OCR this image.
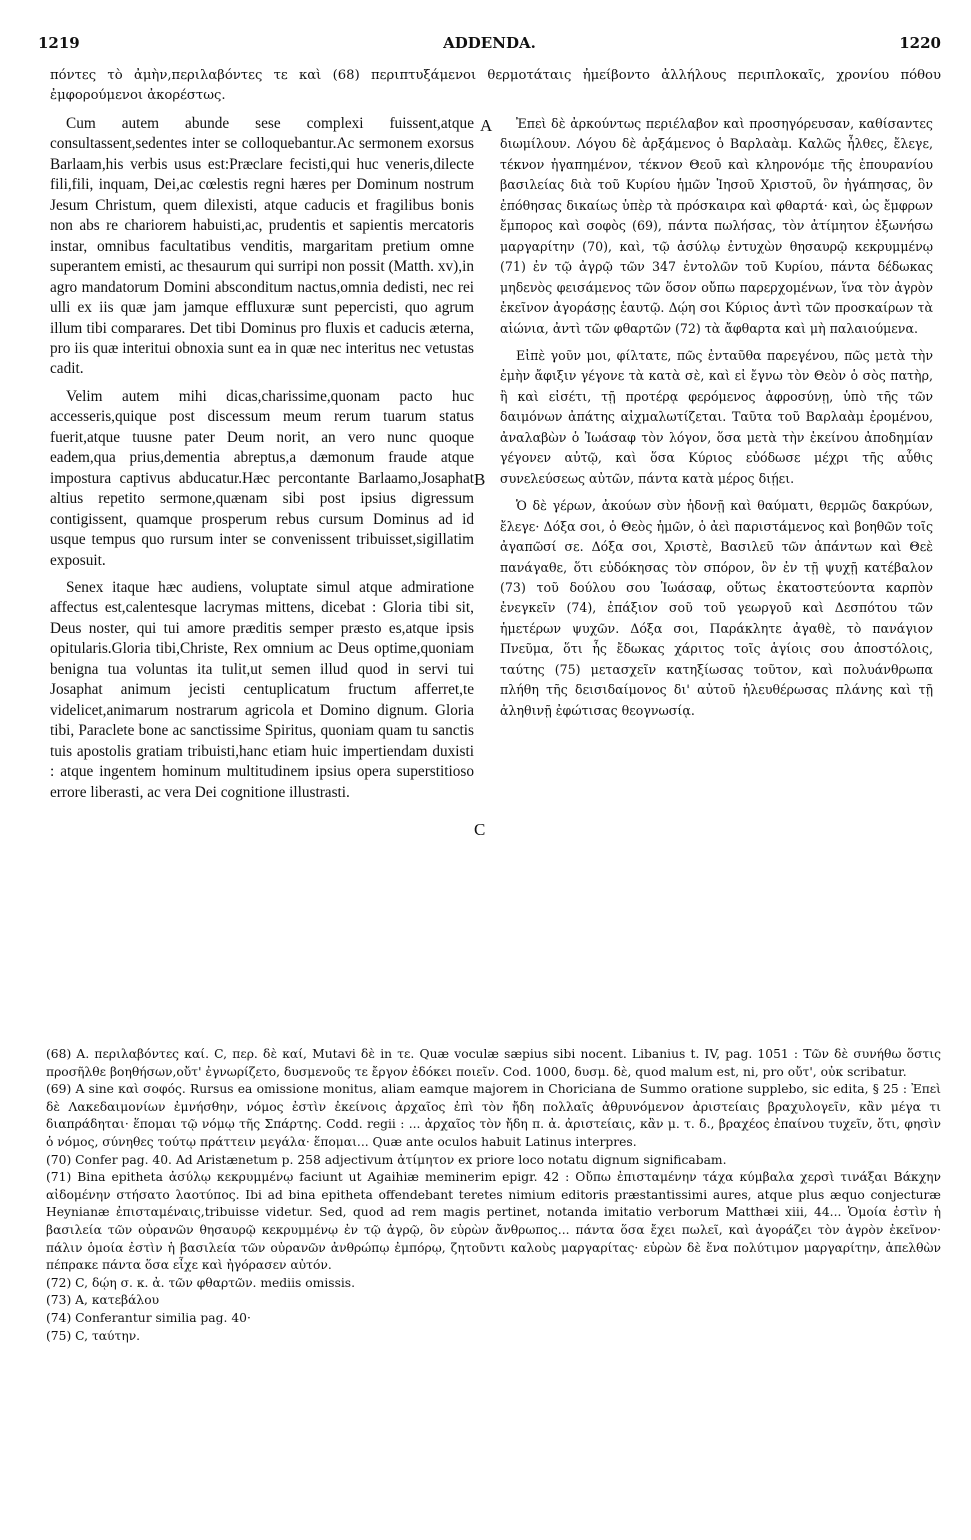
1219	ADDENDA.	1220

πόντες τὸ ἀμὴν,περιλαβόντες τε καὶ (68) περιπτυξάμενοι θερμοτάταις ἠμείβοντο ἀλλήλους περιπλοκαῖς, χρονίου πόθου ἐμφορούμενοι ἀκορέστως.

Cum autem abunde sese complexi fuissent,atque consultassent,sedentes inter se colloquebantur.Ac sermonem exorsus Barlaam,his verbis usus est:Præclare fecisti,qui huc veneris,dilecte fili,fili, inquam, Dei,ac cœlestis regni hæres per Dominum nostrum Jesum Christum, quem dilexisti, atque caducis et fragilibus bonis non abs re chariorem habuisti,ac, prudentis et sapientis mercatoris instar, omnibus facultatibus venditis, margaritam pretium omne superantem emisti, ac thesaurum qui surripi non possit (Matth. xv),in agro mandatorum Domini absconditum nactus,omnia dedisti, nec rei ulli ex iis quæ jam jamque effluxuræ sunt pepercisti, quo agrum illum tibi comparares. Det tibi Dominus pro fluxis et caducis æterna, pro iis quæ interitui obnoxia sunt ea in quæ nec interitus nec vetustas cadit.

Velim autem mihi dicas,charissime,quonam pacto huc accesseris,quique post discessum meum rerum tuarum status fuerit,atque tuusne pater Deum norit, an vero nunc quoque eadem,qua prius,dementia abreptus,a dæmonum fraude atque impostura captivus abducatur.Hæc percontante Barlaamo,Josaphat altius repetito sermone,quænam sibi post ipsius digressum contigissent, quamque prosperum rebus cursum Dominus ad id usque tempus quo rursum inter se convenissent tribuisset,sigillatim exposuit.

Senex itaque hæc audiens, voluptate simul atque admiratione affectus est,calentesque lacrymas mittens, dicebat : Gloria tibi sit, Deus noster, qui tui amore præditis semper præsto es,atque ipsis opitularis.Gloria tibi,Christe, Rex omnium ac Deus optime,quoniam benigna tua voluntas ita tulit,ut semen illud quod in servi tui Josaphat animum jecisti centuplicatum fructum afferret,te videlicet,animarum nostrarum agricola et Domino dignum. Gloria tibi, Paraclete bone ac sanctissime Spiritus, quoniam quam tu sanctis tuis apostolis gratiam tribuisti,hanc etiam huic impertiendam duxisti : atque ingentem hominum multitudinem ipsius opera superstitioso errore liberasti, ac vera Dei cognitione illustrasti.

A
B
C

Ἐπεὶ δὲ ἀρκούντως περιέλαβον καὶ προσηγόρευσαν, καθίσαντες διωμίλουν. Λόγου δὲ ἀρξάμενος ὁ Βαρλαὰμ. Καλῶς ἦλθες, ἔλεγε, τέκνον ἠγαπημένον, τέκνον Θεοῦ καὶ κληρονόμε τῆς ἐπουρανίου βασιλείας διὰ τοῦ Κυρίου ἡμῶν Ἰησοῦ Χριστοῦ, ὃν ἠγάπησας, ὃν ἐπόθησας δικαίως ὑπὲρ τὰ πρόσκαιρα καὶ φθαρτά· καὶ, ὡς ἔμφρων ἔμπορος καὶ σοφὸς (69), πάντα πωλήσας, τὸν ἀτίμητον ἐξωνήσω μαργαρίτην (70), καὶ, τῷ ἀσύλῳ ἐντυχὼν θησαυρῷ κεκρυμμένῳ (71) ἐν τῷ ἀγρῷ τῶν 347 ἐντολῶν τοῦ Κυρίου, πάντα δέδωκας μηδενὸς φεισάμενος τῶν ὅσον οὔπω παρερχομένων, ἵνα τὸν ἀγρὸν ἐκεῖνον ἀγοράσῃς ἑαυτῷ. Δῴη σοι Κύριος ἀντὶ τῶν προσκαίρων τὰ αἰώνια, ἀντὶ τῶν φθαρτῶν (72) τὰ ἄφθαρτα καὶ μὴ παλαιούμενα.

Εἰπὲ γοῦν μοι, φίλτατε, πῶς ἐνταῦθα παρεγένου, πῶς μετὰ τὴν ἐμὴν ἄφιξιν γέγονε τὰ κατὰ σὲ, καὶ εἰ ἔγνω τὸν Θεὸν ὁ σὸς πατὴρ, ἢ καὶ εἰσέτι, τῇ προτέρᾳ φερόμενος ἀφροσύνῃ, ὑπὸ τῆς τῶν δαιμόνων ἀπάτης αἰχμαλωτίζεται. Ταῦτα τοῦ Βαρλαὰμ ἐρομένου, ἀναλαβὼν ὁ Ἰωάσαφ τὸν λόγον, ὅσα μετὰ τὴν ἐκείνου ἀποδημίαν γέγονεν αὐτῷ, καὶ ὅσα Κύριος εὐόδωσε μέχρι τῆς αὖθις συνελεύσεως αὐτῶν, πάντα κατὰ μέρος διῄει.

Ὁ δὲ γέρων, ἀκούων σὺν ἡδονῇ καὶ θαύματι, θερμῶς δακρύων, ἔλεγε· Δόξα σοι, ὁ Θεὸς ἡμῶν, ὁ ἀεὶ παριστάμενος καὶ βοηθῶν τοῖς ἀγαπῶσί σε. Δόξα σοι, Χριστὲ, Βασιλεῦ τῶν ἁπάντων καὶ Θεὲ πανάγαθε, ὅτι εὐδόκησας τὸν σπόρον, ὃν ἐν τῇ ψυχῇ κατέβαλον (73) τοῦ δούλου σου Ἰωάσαφ, οὕτως ἑκατοστεύοντα καρπὸν ἐνεγκεῖν (74), ἐπάξιον σοῦ τοῦ γεωργοῦ καὶ Δεσπότου τῶν ἡμετέρων ψυχῶν. Δόξα σοι, Παράκλητε ἀγαθὲ, τὸ πανάγιον Πνεῦμα, ὅτι ἧς ἔδωκας χάριτος τοῖς ἁγίοις σου ἀποστόλοις, ταύτης (75) μετασχεῖν κατηξίωσας τοῦτον, καὶ πολυάνθρωπα πλήθη τῆς δεισιδαίμονος δι' αὐτοῦ ἠλευθέρωσας πλάνης καὶ τῇ ἀληθινῇ ἐφώτισας θεογνωσίᾳ.

(68) A. περιλαβόντες καί. C, περ. δὲ καί, Mutavi δὲ in τε. Quæ voculæ sæpius sibi nocent. Libanius t. IV, pag. 1051 : Τῶν δὲ συνήθω ὅστις προσῆλθε βοηθήσων,οὔτ' ἐγνωρίζετο, δυσμενοῦς τε ἔργον ἐδόκει ποιεῖν. Cod. 1000, δυσμ. δὲ, quod malum est, ni, pro οὔτ', οὐκ scribatur.
(69) A sine καὶ σοφός. Rursus ea omissione monitus, aliam eamque majorem in Choriciana de Summo oratione supplebo, sic edita, § 25 : Ἐπεὶ δὲ Λακεδαιμονίων ἐμνήσθην, νόμος ἐστὶν ἐκείνοις ἀρχαῖος ἐπὶ τὸν ἤδη πολλαῖς ἀθρυνόμενον ἀριστείαις βραχυλογεῖν, κἂν μέγα τι διαπράδηται· ἕπομαι τῷ νόμῳ τῆς Σπάρτης. Codd. regii : ... ἀρχαῖος τὸν ἤδη π. ἀ. ἀριστείαις, κἂν μ. τ. δ., βραχέος ἐπαίνου τυχεῖν, ὅτι, φησὶν ὁ νόμος, σύνηθες τούτῳ πράττειν μεγάλα· ἕπομαι... Quæ ante oculos habuit Latinus interpres.
(70) Confer pag. 40. Ad Aristænetum p. 258 adjectivum ἀτίμητον ex priore loco notatu dignum significabam.
(71) Bina epitheta ἀσύλῳ κεκρυμμένῳ faciunt ut Agaihiæ meminerim epigr. 42 : Οὔπω ἐπισταμένην τάχα κύμβαλα χερσὶ τινάξαι Βάκχην αἰδομένην στήσατο λαοτύπος. Ibi ad bina epitheta offendebant teretes nimium editoris præstantissimi aures, atque plus æquo conjecturæ Heynianæ ἐπισταμέναις,tribuisse videtur. Sed, quod ad rem magis pertinet, notanda imitatio verborum Matthæi xiii, 44... Ὁμοία ἐστὶν ἡ βασιλεία τῶν οὐρανῶν θησαυρῷ κεκρυμμένῳ ἐν τῷ ἀγρῷ, ὃν εὑρὼν ἄνθρωπος... πάντα ὅσα ἔχει πωλεῖ, καὶ ἀγοράζει τὸν ἀγρὸν ἐκεῖνον· πάλιν ὁμοία ἐστὶν ἡ βασιλεία τῶν οὐρανῶν ἀνθρώπῳ ἐμπόρῳ, ζητοῦντι καλοὺς μαργαρίτας· εὑρὼν δὲ ἕνα πολύτιμον μαργαρίτην, ἀπελθὼν πέπρακε πάντα ὅσα εἶχε καὶ ἠγόρασεν αὐτόν.
(72) C, δῴη σ. κ. ἀ. τῶν φθαρτῶν. mediis omissis.
(73) A, κατεβάλου
(74) Conferantur similia pag. 40·
(75) C, ταύτην.
